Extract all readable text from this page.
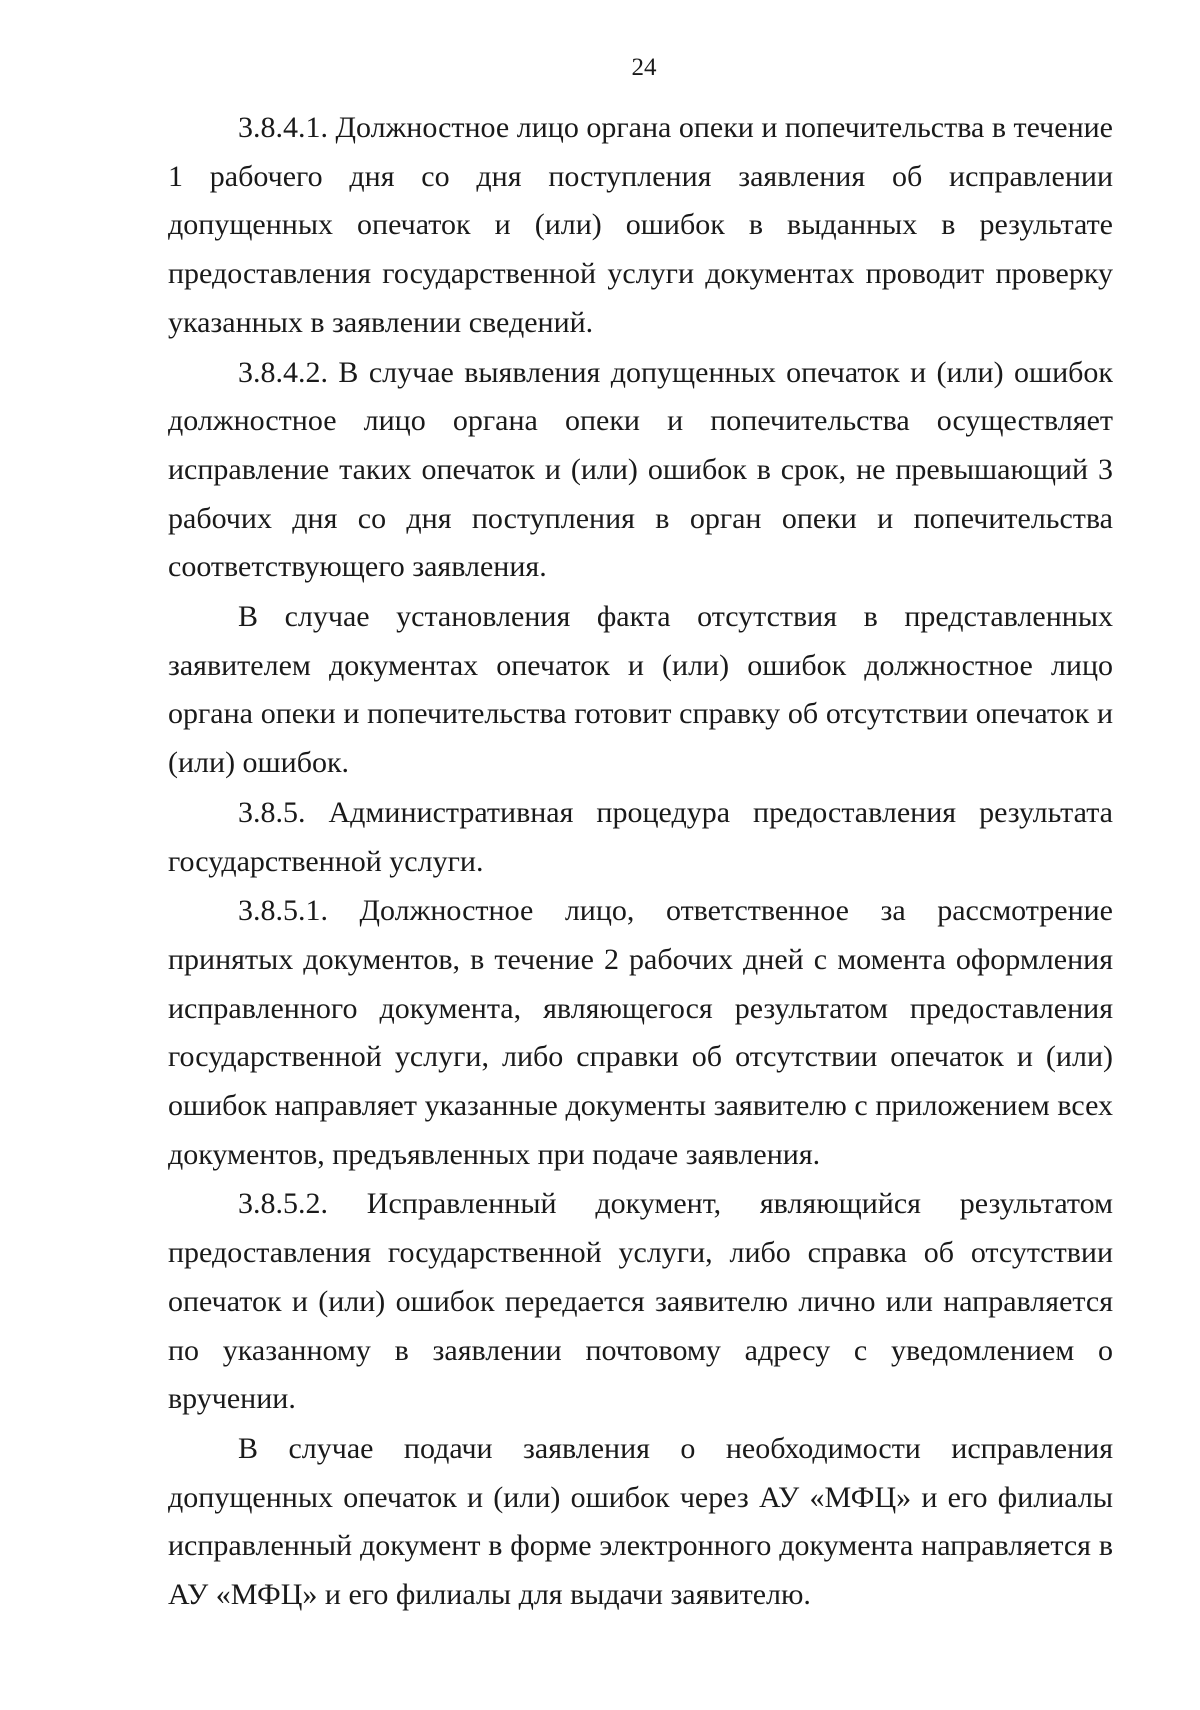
24

3.8.4.1. Должностное лицо органа опеки и попечительства в течение 1 рабочего дня со дня поступления заявления об исправлении допущенных опечаток и (или) ошибок в выданных в результате предоставления государственной услуги документах проводит проверку указанных в заявлении сведений.

3.8.4.2. В случае выявления допущенных опечаток и (или) ошибок должностное лицо органа опеки и попечительства осуществляет исправление таких опечаток и (или) ошибок в срок, не превышающий 3 рабочих дня со дня поступления в орган опеки и попечительства соответствующего заявления.

В случае установления факта отсутствия в представленных заявителем документах опечаток и (или) ошибок должностное лицо органа опеки и попечительства готовит справку об отсутствии опечаток и (или) ошибок.

3.8.5. Административная процедура предоставления результата государственной услуги.

3.8.5.1. Должностное лицо, ответственное за рассмотрение принятых документов, в течение 2 рабочих дней с момента оформления исправленного документа, являющегося результатом предоставления государственной услуги, либо справки об отсутствии опечаток и (или) ошибок направляет указанные документы заявителю с приложением всех документов, предъявленных при подаче заявления.

3.8.5.2. Исправленный документ, являющийся результатом предоставления государственной услуги, либо справка об отсутствии опечаток и (или) ошибок передается заявителю лично или направляется по указанному в заявлении почтовому адресу с уведомлением о вручении.

В случае подачи заявления о необходимости исправления допущенных опечаток и (или) ошибок через АУ «МФЦ» и его филиалы исправленный документ в форме электронного документа направляется в АУ «МФЦ» и его филиалы для выдачи заявителю.
